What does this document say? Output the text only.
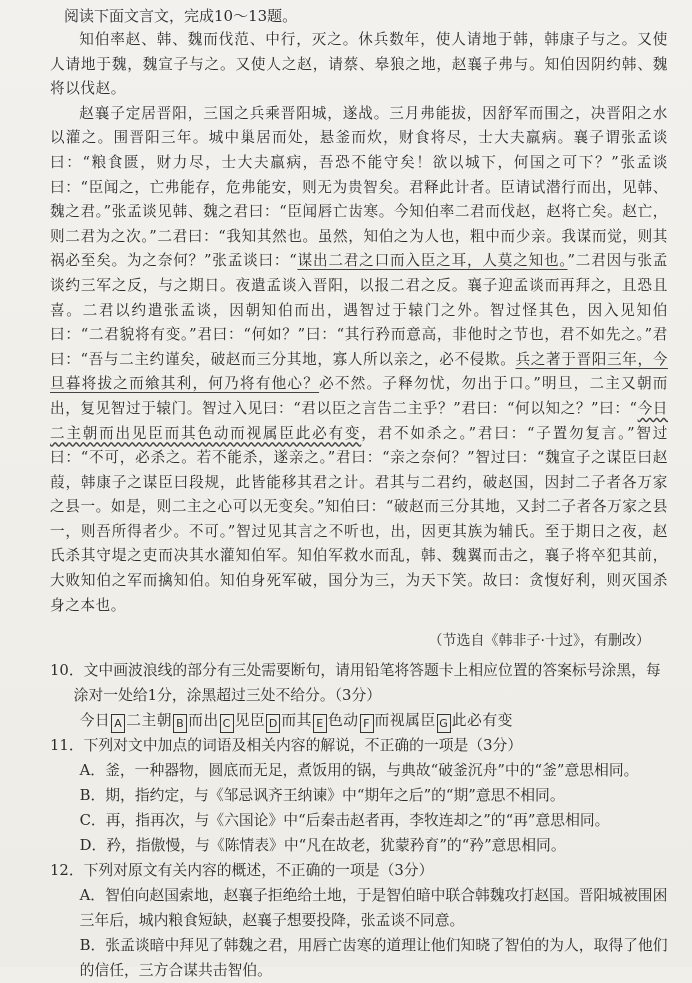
阅读下面文言文，完成10～13题。

知伯率赵、韩、魏而伐范、中行，灭之。休兵数年，使人请地于韩，韩康子与之。又使人请地于魏，魏宣子与之。又使人之赵，请蔡、皋狼之地，赵襄子弗与。知伯因阴约韩、魏将以伐赵。

赵襄子定居晋阳，三国之兵乘晋阳城，遂战。三月弗能拔，因舒军而围之，决晋阳之水以灌之。围晋阳三年。城中巢居而处，悬釜而炊，财食将尽，士大夫羸病。襄子谓张孟谈曰：“粮食匮，财力尽，士大夫羸病，吾恐不能守矣！欲以城下，何国之可下？”张孟谈曰：“臣闻之，亡弗能存，危弗能安，则无为贵智矣。君释此计者。臣请试潜行而出，见韩、魏之君。”张孟谈见韩、魏之君曰：“臣闻唇亡齿寒。今知伯率二君而伐赵，赵将亡矣。赵亡，则二君为之次。”二君曰：“我知其然也。虽然，知伯之为人也，粗中而少亲。我谋而觉，则其祸必至矣。为之奈何？”张孟谈曰：“谋出二君之口而入臣之耳，人莫之知也。”二君因与张孟谈约三军之反，与之期日。夜遣孟谈入晋阳，以报二君之反。襄子迎孟谈而再拜之，且恐且喜。二君以约遣张孟谈，因朝知伯而出，遇智过于辕门之外。智过怪其色，因入见知伯曰：“二君貌将有变。”君曰：“何如？”曰：“其行矜而意高，非他时之节也，君不如先之。”君曰：“吾与二主约谨矣，破赵而三分其地，寡人所以亲之，必不侵欺。兵之著于晋阳三年，今旦暮将拔之而飨其利，何乃将有他心？必不然。子释勿忧，勿出于口。”明旦，二主又朝而出，复见智过于辕门。智过入见曰：“君以臣之言告二主乎？”君曰：“何以知之？”曰：“今日二主朝而出见臣而其色动而视属臣此必有变，君不如杀之。”君曰：“子置勿复言。”智过曰：“不可，必杀之。若不能杀，遂亲之。”君曰：“亲之奈何？”智过曰：“魏宣子之谋臣曰赵葭，韩康子之谋臣曰段规，此皆能移其君之计。君其与二君约，破赵国，因封二子者各万家之县一。如是，则二主之心可以无变矣。”知伯曰：“破赵而三分其地，又封二子者各万家之县一，则吾所得者少。不可。”智过见其言之不听也，出，因更其族为辅氏。至于期日之夜，赵氏杀其守堤之吏而决其水灌知伯军。知伯军救水而乱，韩、魏翼而击之，襄子将卒犯其前，大败知伯之军而擒知伯。知伯身死军破，国分为三，为天下笑。故曰：贪愎好利，则灭国杀身之本也。

（节选自《韩非子·十过》，有删改）

10．文中画波浪线的部分有三处需要断句，请用铅笔将答题卡上相应位置的答案标号涂黑，每涂对一处给1分，涂黑超过三处不给分。（3分）

今日 A 二主朝 B 而出 C 见臣 D 而其 E 色动 F 而视属臣 G 此必有变

11．下列对文中加点的词语及相关内容的解说，不正确的一项是（3分）

A．釜，一种器物，圆底而无足，煮饭用的锅，与典故“破釜沉舟”中的“釜”意思相同。

B．期，指约定，与《邹忌讽齐王纳谏》中“期年之后”的“期”意思不相同。

C．再，指再次，与《六国论》中“后秦击赵者再，李牧连却之”的“再”意思相同。

D．矜，指傲慢，与《陈情表》中“凡在故老，犹蒙矜育”的“矜”意思相同。

12．下列对原文有关内容的概述，不正确的一项是（3分）

A．智伯向赵国索地，赵襄子拒绝给土地，于是智伯暗中联合韩魏攻打赵国。晋阳城被围困三年后，城内粮食短缺，赵襄子想要投降，张孟谈不同意。

B．张孟谈暗中拜见了韩魏之君，用唇亡齿寒的道理让他们知晓了智伯的为人，取得了他们的信任，三方合谋共击智伯。
